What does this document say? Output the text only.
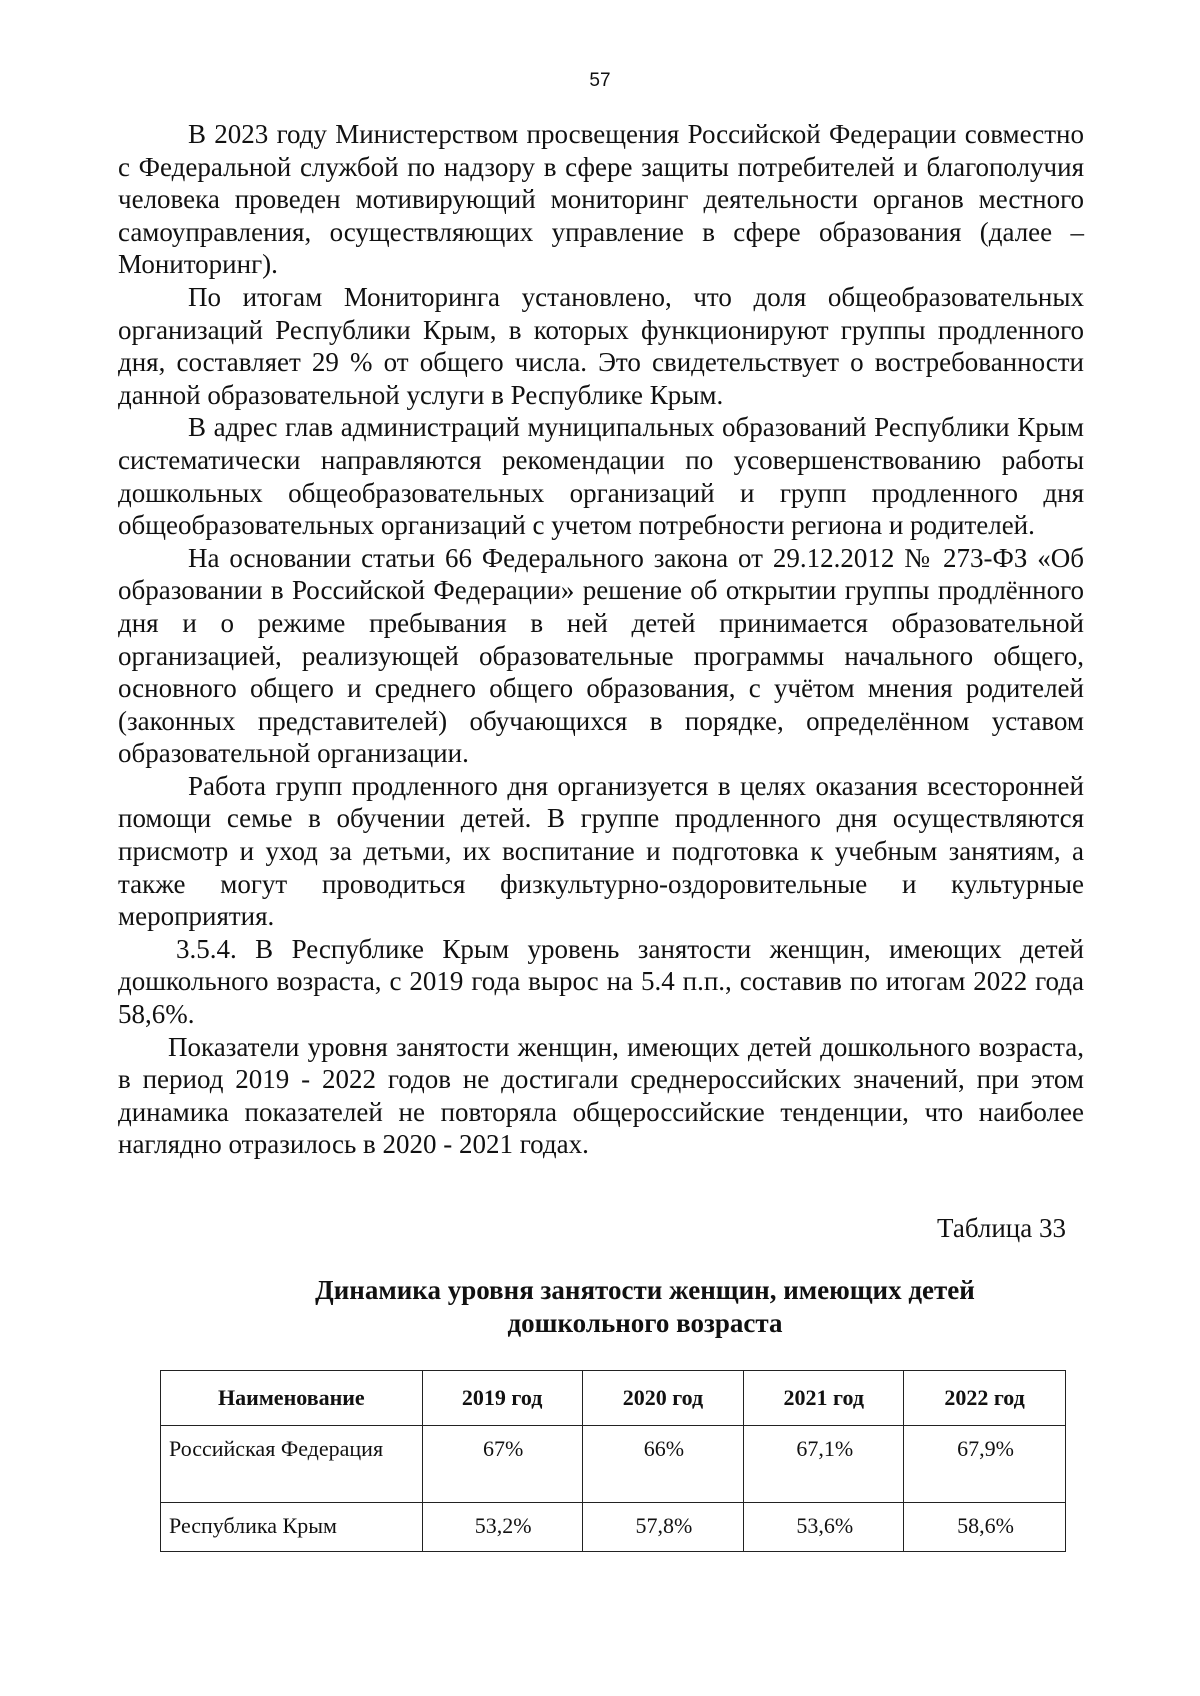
57

В 2023 году Министерством просвещения Российской Федерации совместно с Федеральной службой по надзору в сфере защиты потребителей и благополучия человека проведен мотивирующий мониторинг деятельности органов местного самоуправления, осуществляющих управление в сфере образования (далее – Мониторинг).

По итогам Мониторинга установлено, что доля общеобразовательных организаций Республики Крым, в которых функционируют группы продленного дня, составляет 29 % от общего числа. Это свидетельствует о востребованности данной образовательной услуги в Республике Крым.

В адрес глав администраций муниципальных образований Республики Крым систематически направляются рекомендации по усовершенствованию работы дошкольных общеобразовательных организаций и групп продленного дня общеобразовательных организаций с учетом потребности региона и родителей.

На основании статьи 66 Федерального закона от 29.12.2012 № 273-ФЗ «Об образовании в Российской Федерации» решение об открытии группы продлённого дня и о режиме пребывания в ней детей принимается образовательной организацией, реализующей образовательные программы начального общего, основного общего и среднего общего образования, с учётом мнения родителей (законных представителей) обучающихся в порядке, определённом уставом образовательной организации.

Работа групп продленного дня организуется в целях оказания всесторонней помощи семье в обучении детей. В группе продленного дня осуществляются присмотр и уход за детьми, их воспитание и подготовка к учебным занятиям, а также могут проводиться физкультурно-оздоровительные и культурные мероприятия.

3.5.4. В Республике Крым уровень занятости женщин, имеющих детей дошкольного возраста, с 2019 года вырос на 5.4 п.п., составив по итогам 2022 года 58,6%.

Показатели уровня занятости женщин, имеющих детей дошкольного возраста, в период 2019 - 2022 годов не достигали среднероссийских значений, при этом динамика показателей не повторяла общероссийские тенденции, что наиболее наглядно отразилось в 2020 - 2021 годах.

Таблица 33
Динамика уровня занятости женщин, имеющих детей
дошкольного возраста
Наименование	2019 год	2020 год	2021 год	2022 год
Российская Федерация	67%	66%	67,1%	67,9%
Республика Крым	53,2%	57,8%	53,6%	58,6%
